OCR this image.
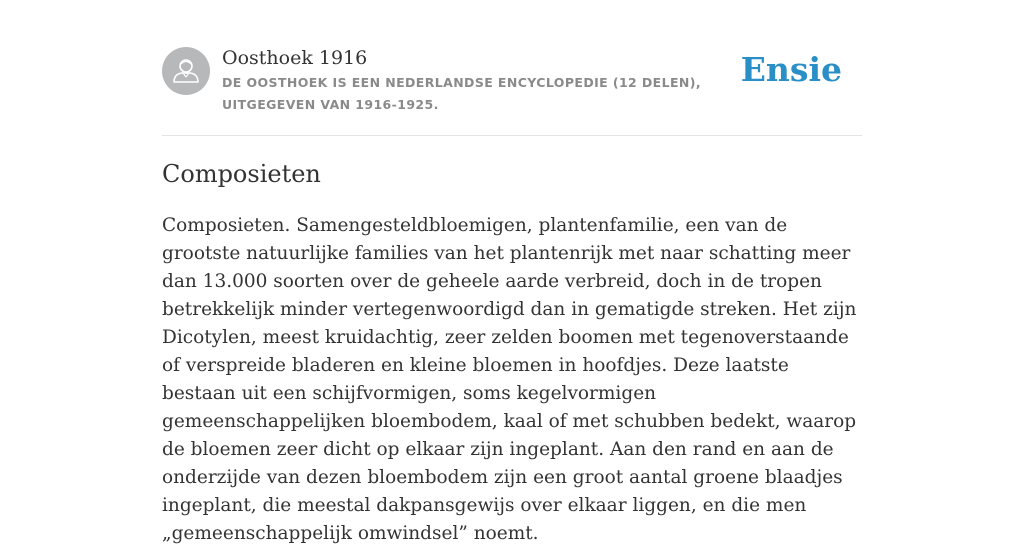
Oosthoek 1916
DE OOSTHOEK IS EEN NEDERLANDSE ENCYCLOPEDIE (12 DELEN), UITGEGEVEN VAN 1916-1925.
Ensie
Composieten

Composieten. Samengesteldbloemigen, plantenfamilie, een van de grootste natuurlijke families van het plantenrijk met naar schatting meer dan 13.000 soorten over de geheele aarde verbreid, doch in de tropen betrekkelijk minder vertegenwoordigd dan in gematigde streken. Het zijn Dicotylen, meest kruidachtig, zeer zelden boomen met tegenoverstaande of verspreide bladeren en kleine bloemen in hoofdjes. Deze laatste bestaan uit een schijfvormigen, soms kegelvormigen gemeenschappelijken bloembodem, kaal of met schubben bedekt, waarop de bloemen zeer dicht op elkaar zijn ingeplant. Aan den rand en aan de onderzijde van dezen bloembodem zijn een groot aantal groene blaadjes ingeplant, die meestal dakpansgewijs over elkaar liggen, en die men „gemeenschappelijk omwindsel” noemt.
